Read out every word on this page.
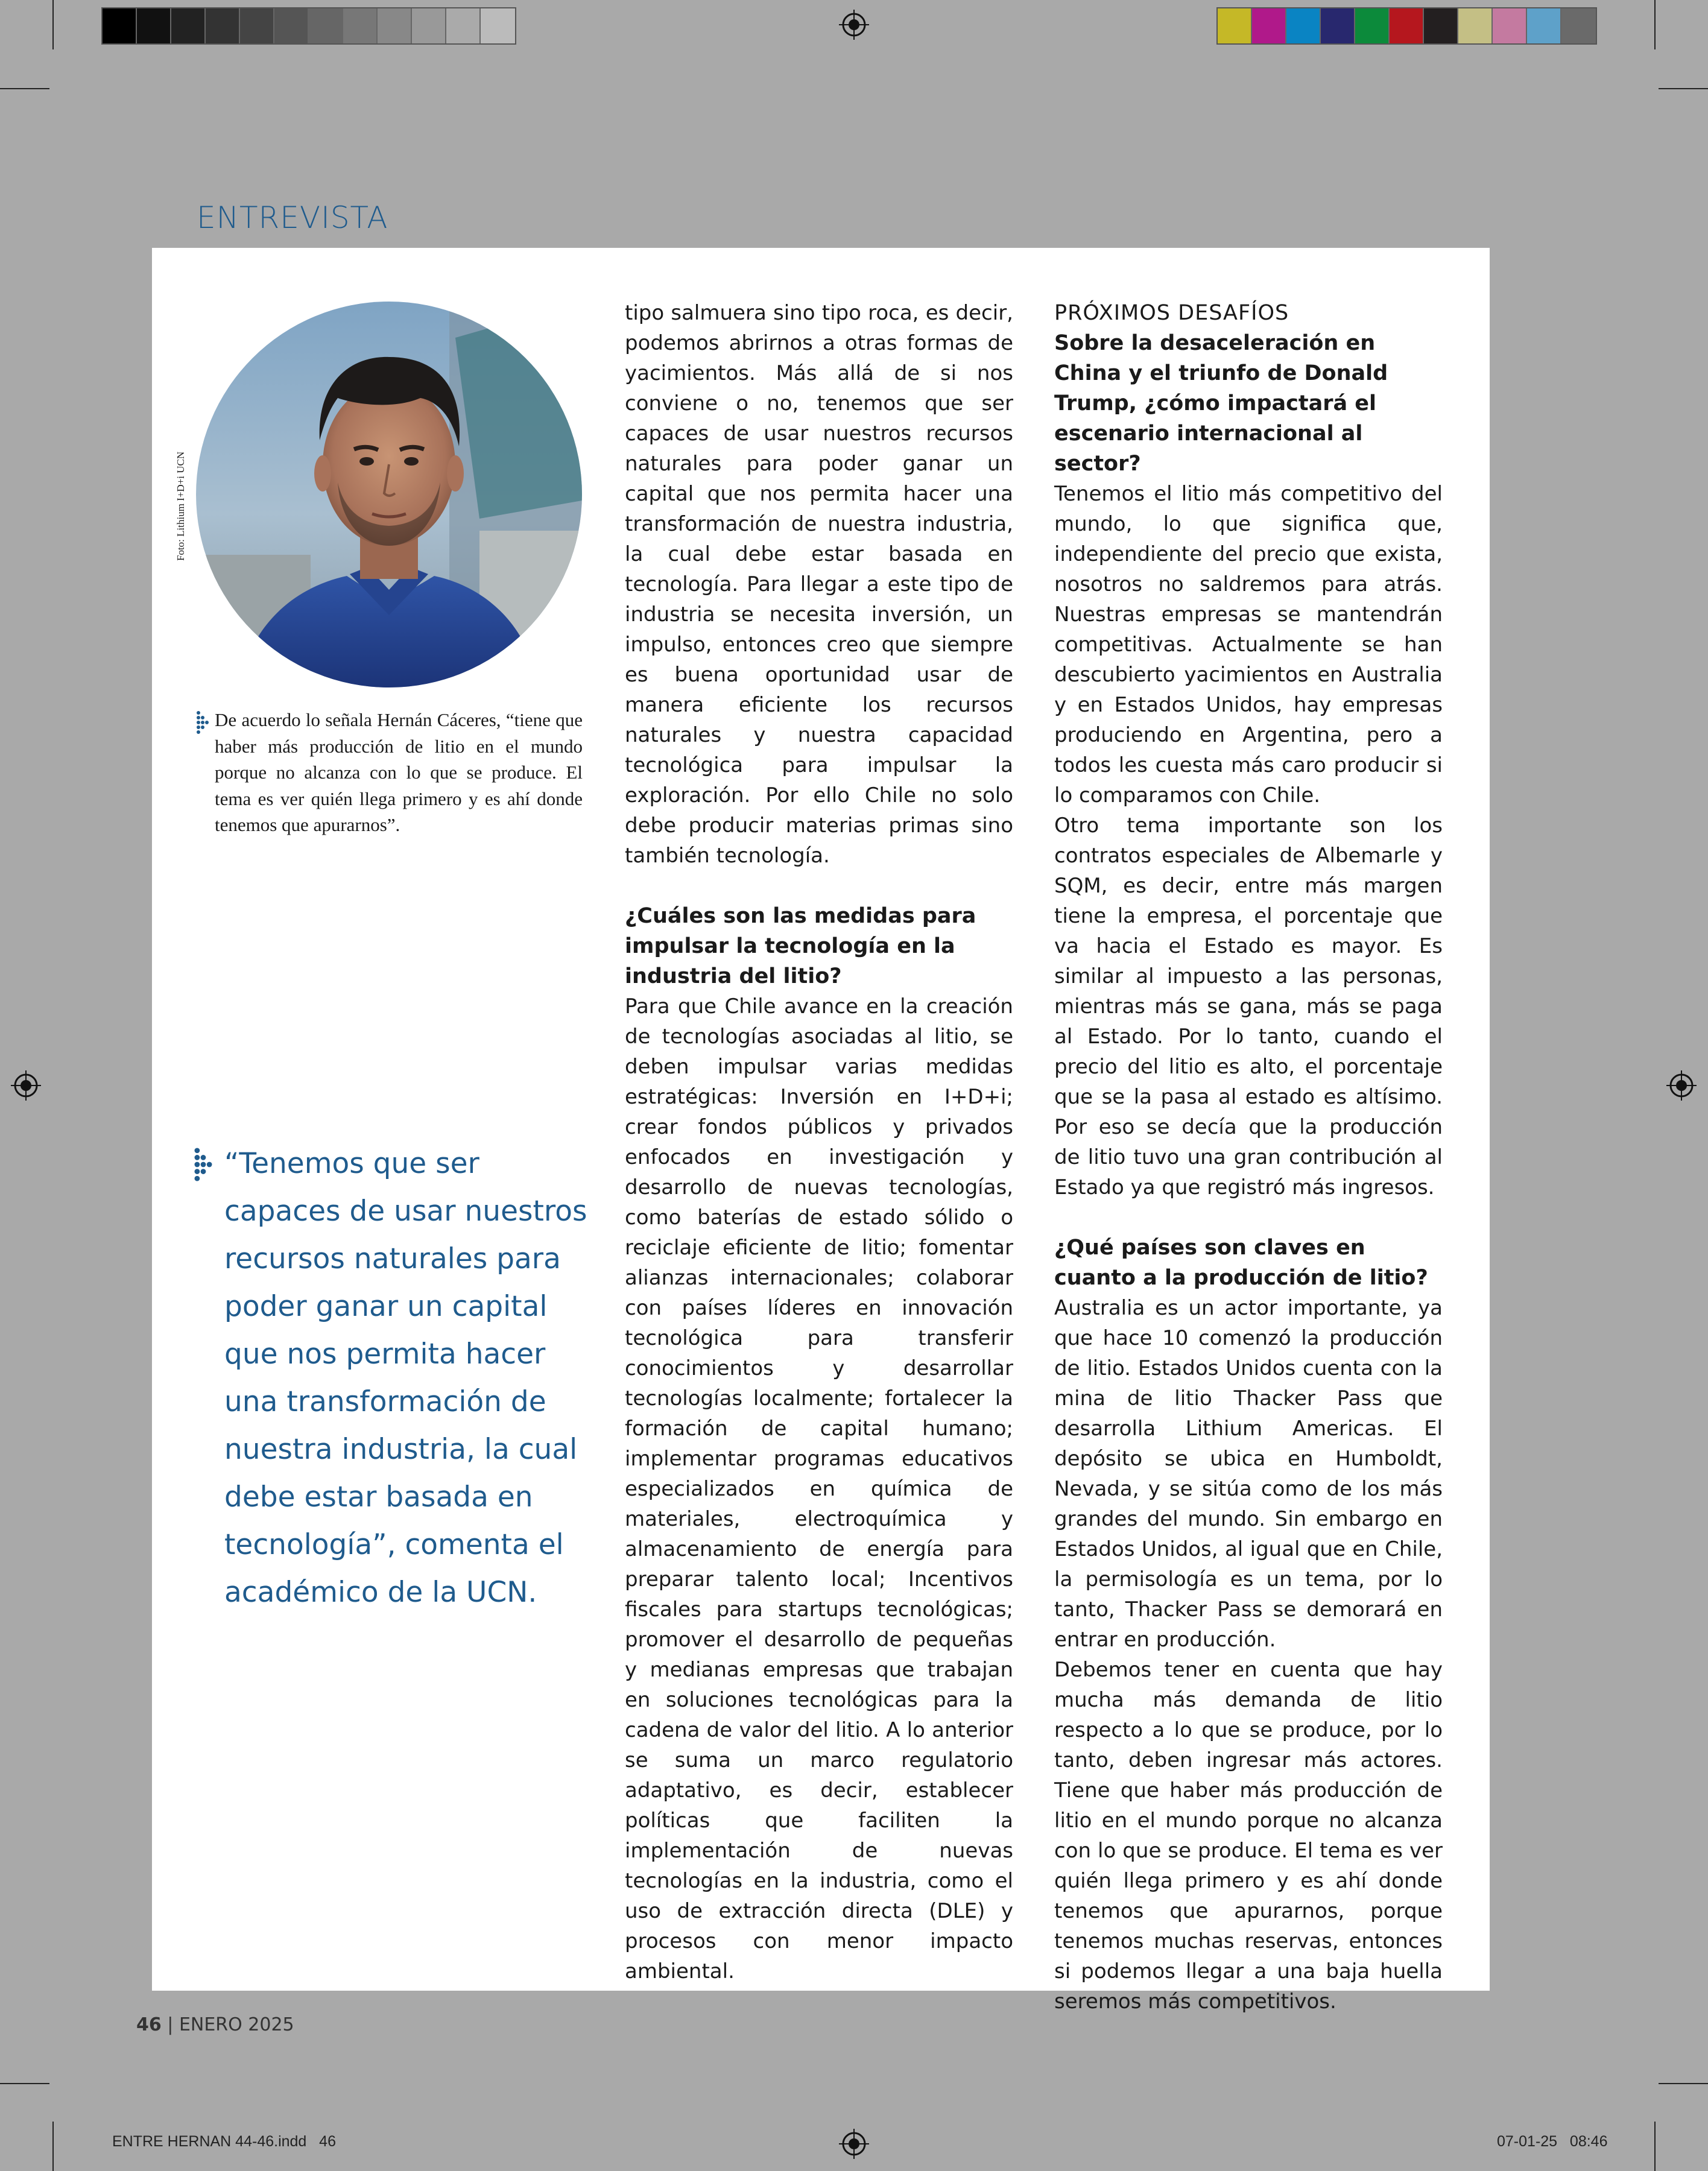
ENTREVISTA
Foto: Lithium I+D+i UCN
De acuerdo lo señala Hernán Cáceres, “tiene que haber más producción de litio en el mundo porque no alcanza con lo que se produce. El tema es ver quién llega primero y es ahí donde tenemos que apurarnos”.
“Tenemos que ser capaces de usar nuestros recursos naturales para poder ganar un capital que nos permita hacer una transformación de nuestra industria, la cual debe estar basada en tecnología”, comenta el académico de la UCN.

tipo salmuera sino tipo roca, es decir, podemos abrirnos a otras formas de yacimientos. Más allá de si nos conviene o no, tenemos que ser capaces de usar nuestros recursos naturales para poder ganar un capital que nos permita hacer una transformación de nuestra industria, la cual debe estar basada en tecnología. Para llegar a este tipo de industria se necesita inversión, un impulso, entonces creo que siempre es buena oportunidad usar de manera eficiente los recursos naturales y nuestra capacidad tecnológica para impulsar la exploración. Por ello Chile no solo debe producir materias primas sino también tecnología.

¿Cuáles son las medidas para impulsar la tecnología en la industria del litio?

Para que Chile avance en la creación de tecnologías asociadas al litio, se deben impulsar varias medidas estratégicas: Inversión en I+D+i; crear fondos públicos y privados enfocados en investigación y desarrollo de nuevas tecnologías, como baterías de estado sólido o reciclaje eficiente de litio; fomentar alianzas internacionales; colaborar con países líderes en innovación tecnológica para transferir conocimientos y desarrollar tecnologías localmente; fortalecer la formación de capital humano; implementar programas educativos especializados en química de materiales, electroquímica y almacenamiento de energía para preparar talento local; Incentivos fiscales para startups tecnológicas; promover el desarrollo de pequeñas y medianas empresas que trabajan en soluciones tecnológicas para la cadena de valor del litio. A lo anterior se suma un marco regulatorio adaptativo, es decir, establecer políticas que faciliten la implementación de nuevas tecnologías en la industria, como el uso de extracción directa (DLE) y procesos con menor impacto ambiental.

PRÓXIMOS DESAFÍOS
Sobre la desaceleración en China y el triunfo de Donald Trump, ¿cómo impactará el escenario internacional al sector?

Tenemos el litio más competitivo del mundo, lo que significa que, independiente del precio que exista, nosotros no saldremos para atrás. Nuestras empresas se mantendrán competitivas. Actualmente se han descubierto yacimientos en Australia y en Estados Unidos, hay empresas produciendo en Argentina, pero a todos les cuesta más caro producir si lo comparamos con Chile.

Otro tema importante son los contratos especiales de Albemarle y SQM, es decir, entre más margen tiene la empresa, el porcentaje que va hacia el Estado es mayor. Es similar al impuesto a las personas, mientras más se gana, más se paga al Estado. Por lo tanto, cuando el precio del litio es alto, el porcentaje que se la pasa al estado es altísimo. Por eso se decía que la producción de litio tuvo una gran contribución al Estado ya que registró más ingresos.

¿Qué países son claves en cuanto a la producción de litio?

Australia es un actor importante, ya que hace 10 comenzó la producción de litio. Estados Unidos cuenta con la mina de litio Thacker Pass que desarrolla Lithium Americas. El depósito se ubica en Humboldt, Nevada, y se sitúa como de los más grandes del mundo. Sin embargo en Estados Unidos, al igual que en Chile, la permisología es un tema, por lo tanto, Thacker Pass se demorará en entrar en producción.

Debemos tener en cuenta que hay mucha más demanda de litio respecto a lo que se produce, por lo tanto, deben ingresar más actores. Tiene que haber más producción de litio en el mundo porque no alcanza con lo que se produce. El tema es ver quién llega primero y es ahí donde tenemos que apurarnos, porque tenemos muchas reservas, entonces si podemos llegar a una baja huella seremos más competitivos.

46 | ENERO 2025
ENTRE HERNAN 44-46.indd   46	07-01-25   08:46
